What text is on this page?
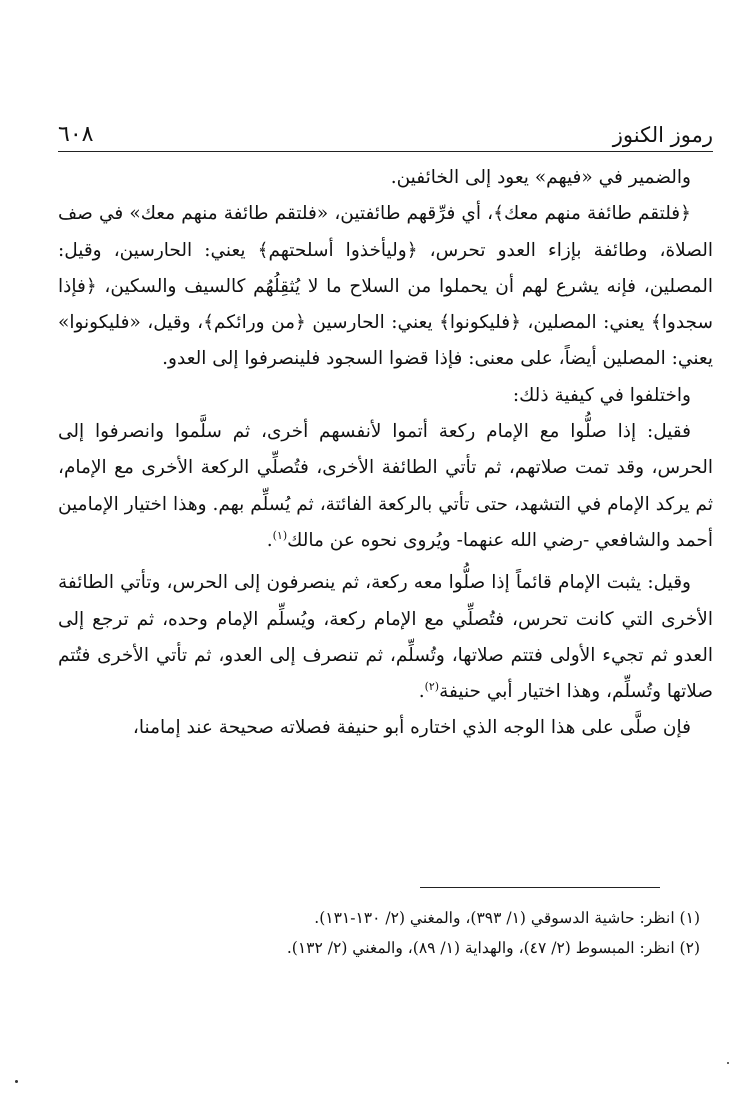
رموز الكنوز
٦٠٨

والضمير في «فيهم» يعود إلى الخائفين.

﴿فلتقم طائفة منهم معك﴾، أي فرِّقهم طائفتين، «فلتقم طائفة منهم معك» في صف الصلاة، وطائفة بإزاء العدو تحرس، ﴿وليأخذوا أسلحتهم﴾ يعني: الحارسين، وقيل: المصلين، فإنه يشرع لهم أن يحملوا من السلاح ما لا يُثقِلُهُم كالسيف والسكين، ﴿فإذا سجدوا﴾ يعني: المصلين، ﴿فليكونوا﴾ يعني: الحارسين ﴿من ورائكم﴾، وقيل، «فليكونوا» يعني: المصلين أيضاً، على معنى: فإذا قضوا السجود فلينصرفوا إلى العدو.

واختلفوا في كيفية ذلك:

فقيل: إذا صلُّوا مع الإمام ركعة أتموا لأنفسهم أخرى، ثم سلَّموا وانصرفوا إلى الحرس، وقد تمت صلاتهم، ثم تأتي الطائفة الأخرى، فتُصلِّي الركعة الأخرى مع الإمام، ثم يركد الإمام في التشهد، حتى تأتي بالركعة الفائتة، ثم يُسلِّم بهم. وهذا اختيار الإمامين أحمد والشافعي -رضي الله عنهما- ويُروى نحوه عن مالك$^{(١)}$.

وقيل: يثبت الإمام قائماً إذا صلُّوا معه ركعة، ثم ينصرفون إلى الحرس، وتأتي الطائفة الأخرى التي كانت تحرس، فتُصلِّي مع الإمام ركعة، ويُسلِّم الإمام وحده، ثم ترجع إلى العدو ثم تجيء الأولى فتتم صلاتها، وتُسلِّم، ثم تنصرف إلى العدو، ثم تأتي الأخرى فتُتم صلاتها وتُسلِّم، وهذا اختيار أبي حنيفة$^{(٢)}$.

فإن صلَّى على هذا الوجه الذي اختاره أبو حنيفة فصلاته صحيحة عند إمامنا،

(١) انظر: حاشية الدسوقي (١/ ٣٩٣)، والمغني (٢/ ١٣٠-١٣١).

(٢) انظر: المبسوط (٢/ ٤٧)، والهداية (١/ ٨٩)، والمغني (٢/ ١٣٢).
